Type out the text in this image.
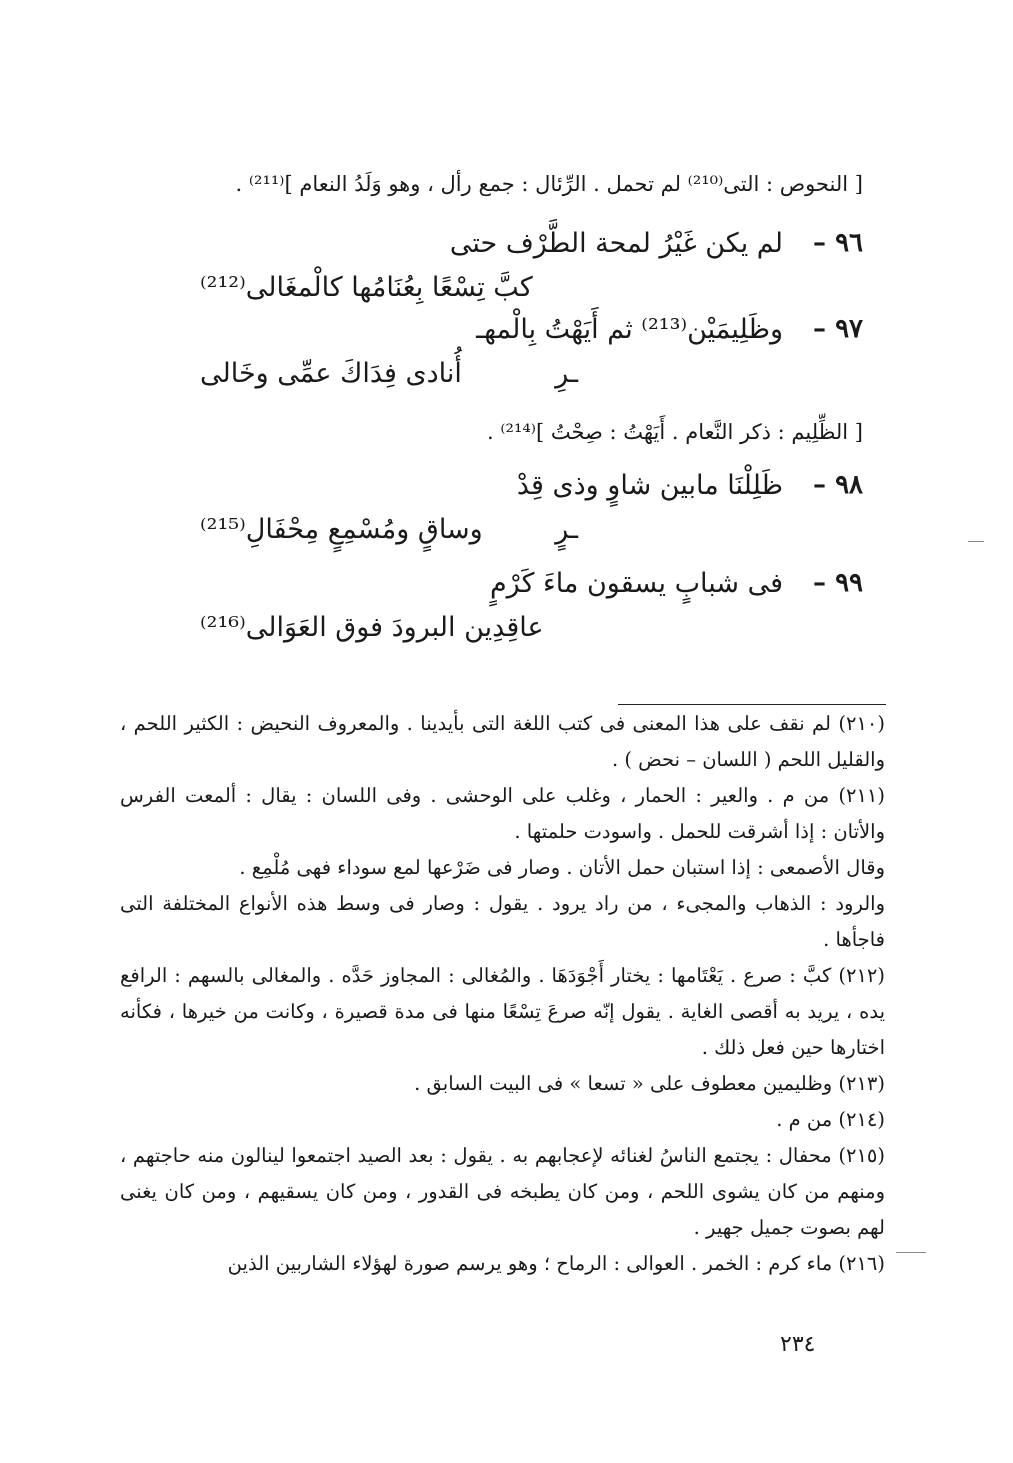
[ النحوص : التى⁽²¹⁰⁾ لم تحمل . الرِّئال : جمع رأل ، وهو وَلَدُ النعام ]⁽²¹¹⁾ .
٩٦ –
لم يكن غَيْرُ لمحة الطَّرْف حتى
كبَّ تِسْعًا بِعُنَامُها كالْمغَالى⁽²¹²⁾
٩٧ –
وظَلِيمَيْن⁽²¹³⁾ ثم أَيَهْتُ بِالْمهـ
ـرِ
أُنادى فِدَاكَ عمِّى وخَالى
[ الظِّلِيم : ذكر النَّعام . أَيَهْتُ : صِحْتُ ]⁽²¹⁴⁾ .
٩٨ –
ظَلِلْنَا مابين شاوٍ وذى قِدْ
ـرٍ
وساقٍ ومُسْمِعٍ مِحْفَالِ⁽²¹⁵⁾
٩٩ –
فى شبابٍ يسقون ماءَ كَرْمٍ
عاقِدِين البرودَ فوق العَوَالى⁽²¹⁶⁾

(٢١٠) لم نقف على هذا المعنى فى كتب اللغة التى بأيدينا . والمعروف النحيض : الكثير اللحم ، والقليل اللحم ( اللسان – نحض ) .

(٢١١) من م . والعير : الحمار ، وغلب على الوحشى . وفى اللسان : يقال : ألمعت الفرس والأتان : إذا أشرقت للحمل . واسودت حلمتها .
وقال الأصمعى : إذا استبان حمل الأتان . وصار فى ضَرْعها لمع سوداء فهى مُلْمِع .
والرود : الذهاب والمجىء ، من راد يرود . يقول : وصار فى وسط هذه الأنواع المختلفة التى فاجأها .

(٢١٢) كبَّ : صرع . يَعْتَامها : يختار أَجْوَدَهَا . والمُغالى : المجاوز حَدَّه . والمغالى بالسهم : الرافع يده ، يريد به أقصى الغاية . يقول إنّه صرعَ تِسْعًا منها فى مدة قصيرة ، وكانت من خيرها ، فكأنه اختارها حين فعل ذلك .

(٢١٣) وظليمين معطوف على « تسعا » فى البيت السابق .

(٢١٤) من م .

(٢١٥) محفال : يجتمع الناسُ لغنائه لإعجابهم به . يقول : بعد الصيد اجتمعوا لينالون منه حاجتهم ، ومنهم من كان يشوى اللحم ، ومن كان يطبخه فى القدور ، ومن كان يسقيهم ، ومن كان يغنى لهم بصوت جميل جهير .

(٢١٦) ماء كرم : الخمر . العوالى : الرماح ؛ وهو يرسم صورة لهؤلاء الشاربين الذين

٢٣٤
